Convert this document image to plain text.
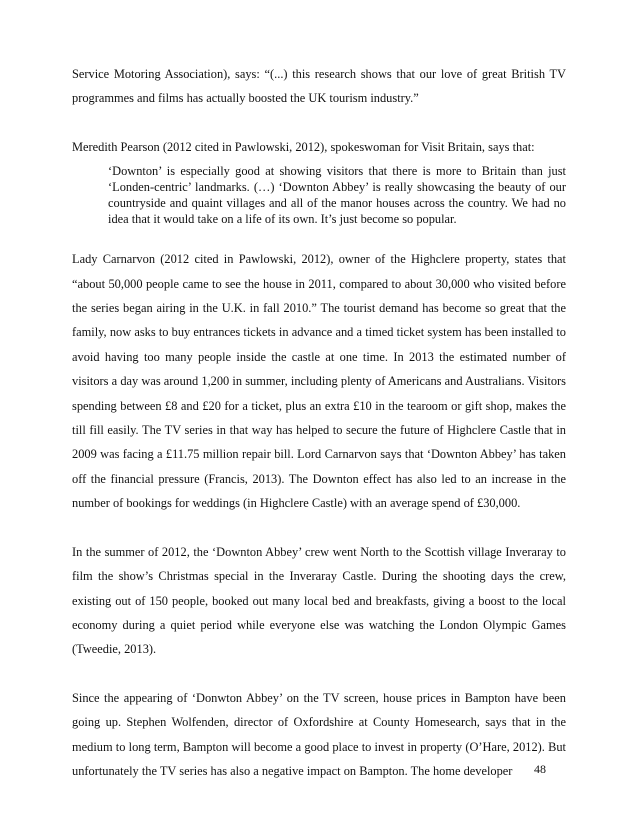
Service Motoring Association), says: “(...) this research shows that our love of great British TV programmes and films has actually boosted the UK tourism industry.”

Meredith Pearson (2012 cited in Pawlowski, 2012), spokeswoman for Visit Britain, says that:

‘Downton’ is especially good at showing visitors that there is more to Britain than just ‘Londen-centric’ landmarks. (…) ‘Downton Abbey’ is really showcasing the beauty of our countryside and quaint villages and all of the manor houses across the country. We had no idea that it would take on a life of its own. It’s just become so popular.

Lady Carnarvon (2012 cited in Pawlowski, 2012), owner of the Highclere property, states that “about 50,000 people came to see the house in 2011, compared to about 30,000 who visited before the series began airing in the U.K. in fall 2010.” The tourist demand has become so great that the family, now asks to buy entrances tickets in advance and a timed ticket system has been installed to avoid having too many people inside the castle at one time. In 2013 the estimated number of visitors a day was around 1,200 in summer, including plenty of Americans and Australians. Visitors spending between £8 and £20 for a ticket, plus an extra £10 in the tearoom or gift shop, makes the till fill easily. The TV series in that way has helped to secure the future of Highclere Castle that in 2009 was facing a £11.75 million repair bill. Lord Carnarvon says that ‘Downton Abbey’ has taken off the financial pressure (Francis, 2013). The Downton effect has also led to an increase in the number of bookings for weddings (in Highclere Castle) with an average spend of £30,000.

In the summer of 2012, the ‘Downton Abbey’ crew went North to the Scottish village Inveraray to film the show’s Christmas special in the Inveraray Castle. During the shooting days the crew, existing out of 150 people, booked out many local bed and breakfasts, giving a boost to the local economy during a quiet period while everyone else was watching the London Olympic Games (Tweedie, 2013).

Since the appearing of ‘Donwton Abbey’ on the TV screen, house prices in Bampton have been going up. Stephen Wolfenden, director of Oxfordshire at County Homesearch, says that in the medium to long term, Bampton will become a good place to invest in property (O’Hare, 2012). But unfortunately the TV series has also a negative impact on Bampton. The home developer	48
